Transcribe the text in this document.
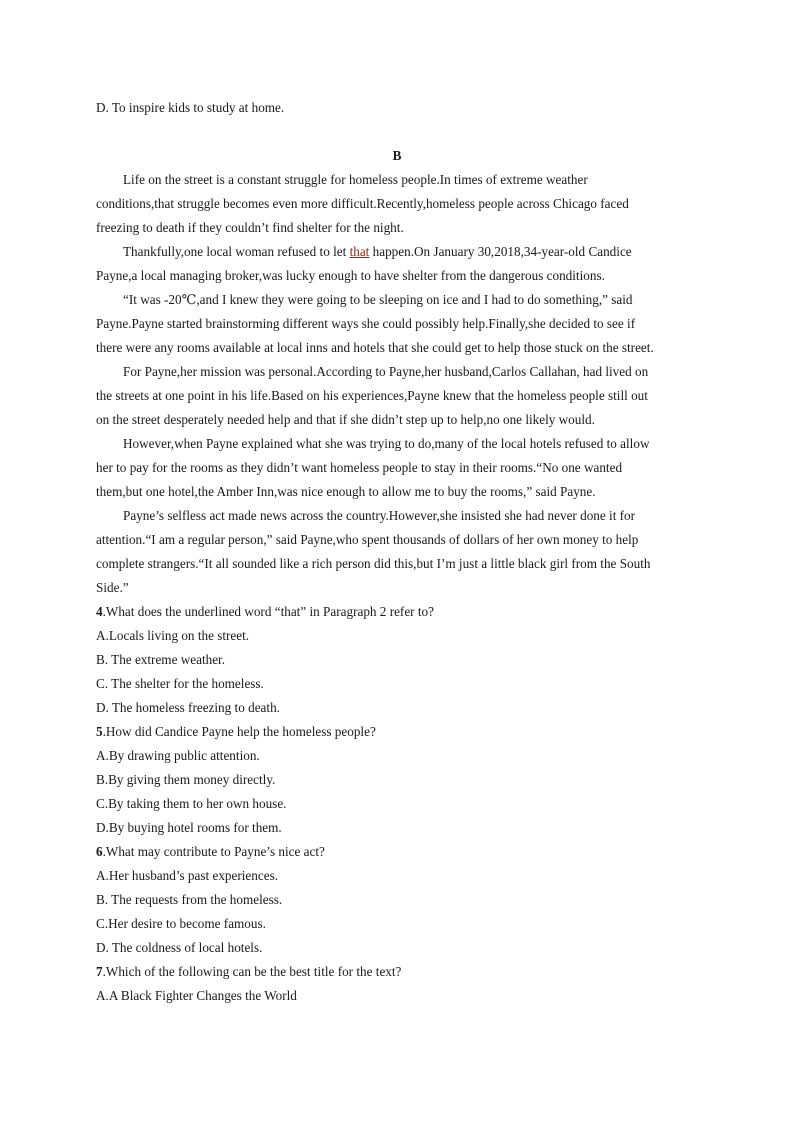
D. To inspire kids to study at home.
B
Life on the street is a constant struggle for homeless people.In times of extreme weather
conditions,that struggle becomes even more difficult.Recently,homeless people across Chicago faced
freezing to death if they couldn’t find shelter for the night.
Thankfully,one local woman refused to let that happen.On January 30,2018,34-year-old Candice
Payne,a local managing broker,was lucky enough to have shelter from the dangerous conditions.
“It was -20℃,and I knew they were going to be sleeping on ice and I had to do something,” said
Payne.Payne started brainstorming different ways she could possibly help.Finally,she decided to see if
there were any rooms available at local inns and hotels that she could get to help those stuck on the street.
For Payne,her mission was personal.According to Payne,her husband,Carlos Callahan, had lived on
the streets at one point in his life.Based on his experiences,Payne knew that the homeless people still out
on the street desperately needed help and that if she didn’t step up to help,no one likely would.
However,when Payne explained what she was trying to do,many of the local hotels refused to allow
her to pay for the rooms as they didn’t want homeless people to stay in their rooms.“No one wanted
them,but one hotel,the Amber Inn,was nice enough to allow me to buy the rooms,” said Payne.
Payne’s selfless act made news across the country.However,she insisted she had never done it for
attention.“I am a regular person,” said Payne,who spent thousands of dollars of her own money to help
complete strangers.“It all sounded like a rich person did this,but I’m just a little black girl from the South
Side.”
4.What does the underlined word “that” in Paragraph 2 refer to?
A.Locals living on the street.
B. The extreme weather.
C. The shelter for the homeless.
D. The homeless freezing to death.
5.How did Candice Payne help the homeless people?
A.By drawing public attention.
B.By giving them money directly.
C.By taking them to her own house.
D.By buying hotel rooms for them.
6.What may contribute to Payne’s nice act?
A.Her husband’s past experiences.
B. The requests from the homeless.
C.Her desire to become famous.
D. The coldness of local hotels.
7.Which of the following can be the best title for the text?
A.A Black Fighter Changes the World
